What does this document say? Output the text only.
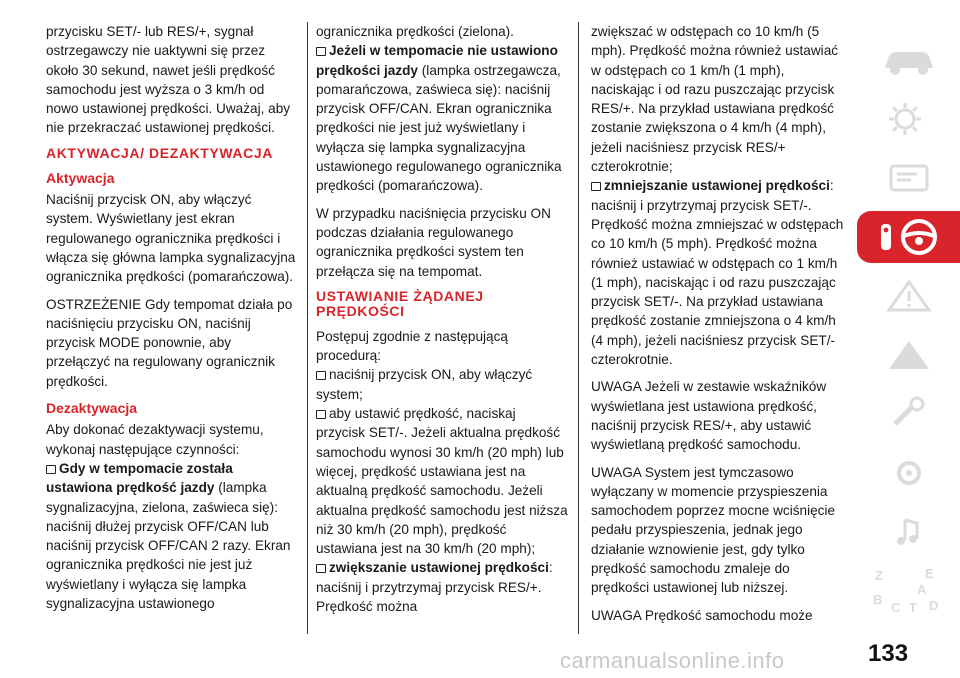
przycisku SET/- lub RES/+, sygnał ostrzegawczy nie uaktywni się przez około 30 sekund, nawet jeśli prędkość samochodu jest wyższa o 3 km/h od nowo ustawionej prędkości. Uważaj, aby nie przekraczać ustawionej prędkości.

AKTYWACJA/ DEZAKTYWACJA
Aktywacja

Naciśnij przycisk ON, aby włączyć system. Wyświetlany jest ekran regulowanego ogranicznika prędkości i włącza się główna lampka sygnalizacyjna ogranicznika prędkości (pomarańczowa).

OSTRZEŻENIE Gdy tempomat działa po naciśnięciu przycisku ON, naciśnij przycisk MODE ponownie, aby przełączyć na regulowany ogranicznik prędkości.

Dezaktywacja

Aby dokonać dezaktywacji systemu, wykonaj następujące czynności:

Gdy w tempomacie została ustawiona prędkość jazdy (lampka sygnalizacyjna, zielona, zaświeca się): naciśnij dłużej przycisk OFF/CAN lub naciśnij przycisk OFF/CAN 2 razy. Ekran ogranicznika prędkości nie jest już wyświetlany i wyłącza się lampka sygnalizacyjna ustawionego

ogranicznika prędkości (zielona).

Jeżeli w tempomacie nie ustawiono prędkości jazdy (lampka ostrzegawcza, pomarańczowa, zaświeca się): naciśnij przycisk OFF/CAN. Ekran ogranicznika prędkości nie jest już wyświetlany i wyłącza się lampka sygnalizacyjna ustawionego regulowanego ogranicznika prędkości (pomarańczowa).

W przypadku naciśnięcia przycisku ON podczas działania regulowanego ogranicznika prędkości system ten przełącza się na tempomat.

USTAWIANIE ŻĄDANEJ PRĘDKOŚCI

Postępuj zgodnie z następującą procedurą:

naciśnij przycisk ON, aby włączyć system;

aby ustawić prędkość, naciskaj przycisk SET/-. Jeżeli aktualna prędkość samochodu wynosi 30 km/h (20 mph) lub więcej, prędkość ustawiana jest na aktualną prędkość samochodu. Jeżeli aktualna prędkość samochodu jest niższa niż 30 km/h (20 mph), prędkość ustawiana jest na 30 km/h (20 mph);

zwiększanie ustawionej prędkości: naciśnij i przytrzymaj przycisk RES/+. Prędkość można

zwiększać w odstępach co 10 km/h (5 mph). Prędkość można również ustawiać w odstępach co 1 km/h (1 mph), naciskając i od razu puszczając przycisk RES/+. Na przykład ustawiana prędkość zostanie zwiększona o 4 km/h (4 mph), jeżeli naciśniesz przycisk RES/+ czterokrotnie;

zmniejszanie ustawionej prędkości: naciśnij i przytrzymaj przycisk SET/-. Prędkość można zmniejszać w odstępach co 10 km/h (5 mph). Prędkość można również ustawiać w odstępach co 1 km/h (1 mph), naciskając i od razu puszczając przycisk SET/-. Na przykład ustawiana prędkość zostanie zmniejszona o 4 km/h (4 mph), jeżeli naciśniesz przycisk SET/- czterokrotnie.

UWAGA Jeżeli w zestawie wskaźników wyświetlana jest ustawiona prędkość, naciśnij przycisk RES/+, aby ustawić wyświetlaną prędkość samochodu.

UWAGA System jest tymczasowo wyłączany w momencie przyspieszenia samochodem poprzez mocne wciśnięcie pedału przyspieszenia, jednak jego działanie wznowienie jest, gdy tylko prędkość samochodu zmaleje do prędkości ustawionej lub niższej.

UWAGA Prędkość samochodu może

Z	E
B
C T D
A
carmanualsonline.info	133
